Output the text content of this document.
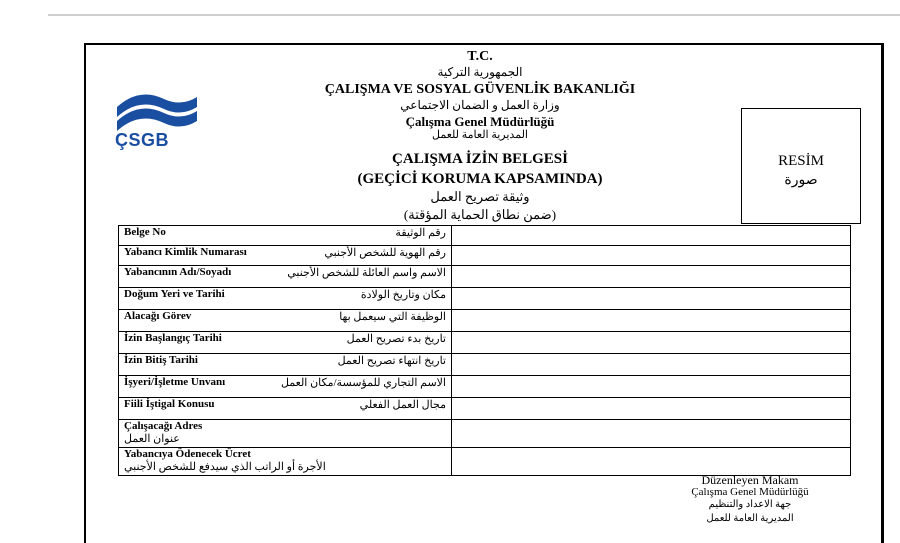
ÇSGB
T.C.
الجمهورية التركية
ÇALIŞMA VE SOSYAL GÜVENLİK BAKANLIĞI
وزارة العمل و الضمان الاجتماعي
Çalışma Genel Müdürlüğü
المديرية العامة للعمل
ÇALIŞMA İZİN BELGESİ
(GEÇİCİ KORUMA KAPSAMINDA)
وثيقة تصريح العمل
(ضمن نطاق الحماية المؤقتة)
RESİM
صورة
رقم الوثيقة
Belge No	

رقم الهوية للشخص الأجنبي
Yabancı Kimlik Numarası	

الاسم واسم العائلة للشخص الأجنبي
Yabancının Adı/Soyadı	

مكان وتاريخ الولادة
Doğum Yeri ve Tarihi	

الوظيفة التي سيعمل بها
Alacağı Görev	

تاريخ بدء تصريح العمل
İzin Başlangıç Tarihi	

تاريخ انتهاء تصريح العمل
İzin Bitiş Tarihi	

الاسم التجاري للمؤسسة/مكان العمل
İşyeri/İşletme Unvanı	

مجال العمل الفعلي
Fiili İştigal Konusu	

Çalışacağı Adres
عنوان العمل	

Yabancıya Ödenecek Ücret
الأجرة أو الراتب الذي سيدفع للشخص الأجنبي	

Düzenleyen Makam
Çalışma Genel Müdürlüğü
جهة الاعداد والتنظيم
المديرية العامة للعمل
